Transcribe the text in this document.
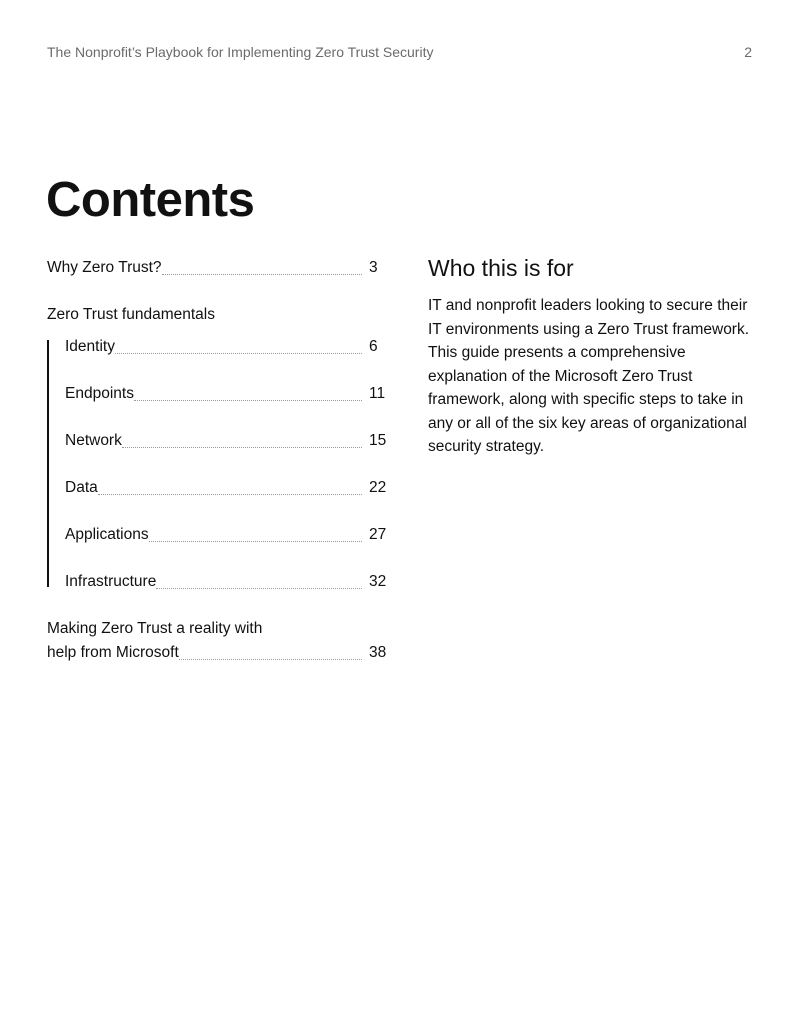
The Nonprofit’s Playbook for Implementing Zero Trust Security	2
Contents
Why Zero Trust?	3
Zero Trust fundamentals
Identity	6
Endpoints	11
Network	15
Data	22
Applications	27
Infrastructure	32
Making Zero Trust a reality with
help from Microsoft	38
Who this is for

IT and nonprofit leaders looking to secure their IT environments using a Zero Trust framework. This guide presents a comprehensive explanation of the Microsoft Zero Trust framework, along with specific steps to take in any or all of the six key areas of organizational security strategy.
